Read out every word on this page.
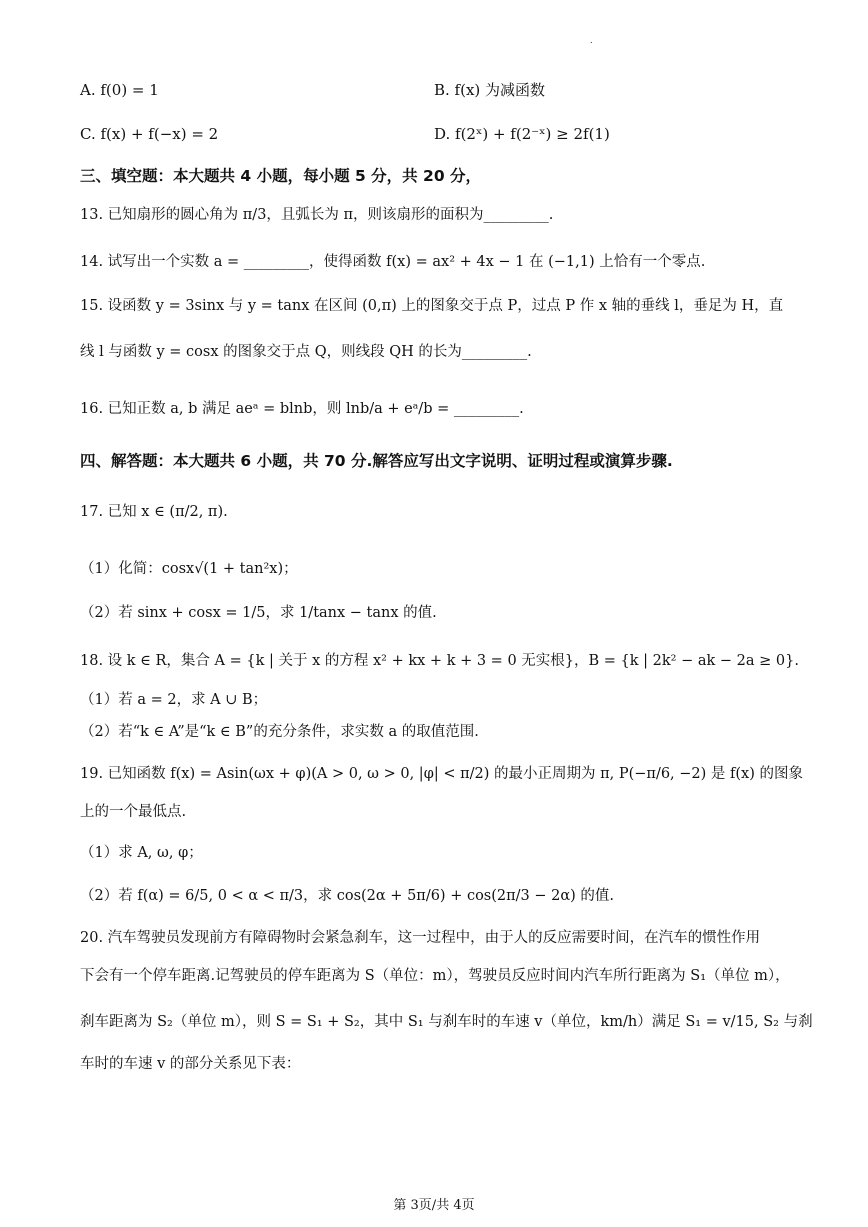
.
A. f(0) = 1	B. f(x) 为减函数
C. f(x) + f(−x) = 2	D. f(2ˣ) + f(2⁻ˣ) ≥ 2f(1)
三、填空题：本大题共 4 小题，每小题 5 分，共 20 分，
13. 已知扇形的圆心角为 π/3，且弧长为 π，则该扇形的面积为_________.
14. 试写出一个实数 a = _________，使得函数 f(x) = ax² + 4x − 1 在 (−1,1) 上恰有一个零点.
15. 设函数 y = 3sinx 与 y = tanx 在区间 (0,π) 上的图象交于点 P，过点 P 作 x 轴的垂线 l，垂足为 H，直
线 l 与函数 y = cosx 的图象交于点 Q，则线段 QH 的长为_________.
16. 已知正数 a, b 满足 aeᵃ = blnb，则 lnb/a + eᵃ/b = _________.
四、解答题：本大题共 6 小题，共 70 分.解答应写出文字说明、证明过程或演算步骤.
17. 已知 x ∈ (π/2, π).
（1）化简：cosx√(1 + tan²x)；
（2）若 sinx + cosx = 1/5，求 1/tanx − tanx 的值.
18. 设 k ∈ R，集合 A = {k | 关于 x 的方程 x² + kx + k + 3 = 0 无实根}，B = {k | 2k² − ak − 2a ≥ 0}.
（1）若 a = 2，求 A ∪ B；
（2）若“k ∈ A”是“k ∈ B”的充分条件，求实数 a 的取值范围.
19. 已知函数 f(x) = Asin(ωx + φ)(A > 0, ω > 0, |φ| < π/2) 的最小正周期为 π, P(−π/6, −2) 是 f(x) 的图象
上的一个最低点.
（1）求 A, ω, φ；
（2）若 f(α) = 6/5, 0 < α < π/3，求 cos(2α + 5π/6) + cos(2π/3 − 2α) 的值.
20. 汽车驾驶员发现前方有障碍物时会紧急刹车，这一过程中，由于人的反应需要时间，在汽车的惯性作用
下会有一个停车距离.记驾驶员的停车距离为 S（单位：m），驾驶员反应时间内汽车所行距离为 S₁（单位 m），
刹车距离为 S₂（单位 m），则 S = S₁ + S₂，其中 S₁ 与刹车时的车速 v（单位，km/h）满足 S₁ = v/15, S₂ 与刹
车时的车速 v 的部分关系见下表：
第 3页/共 4页
